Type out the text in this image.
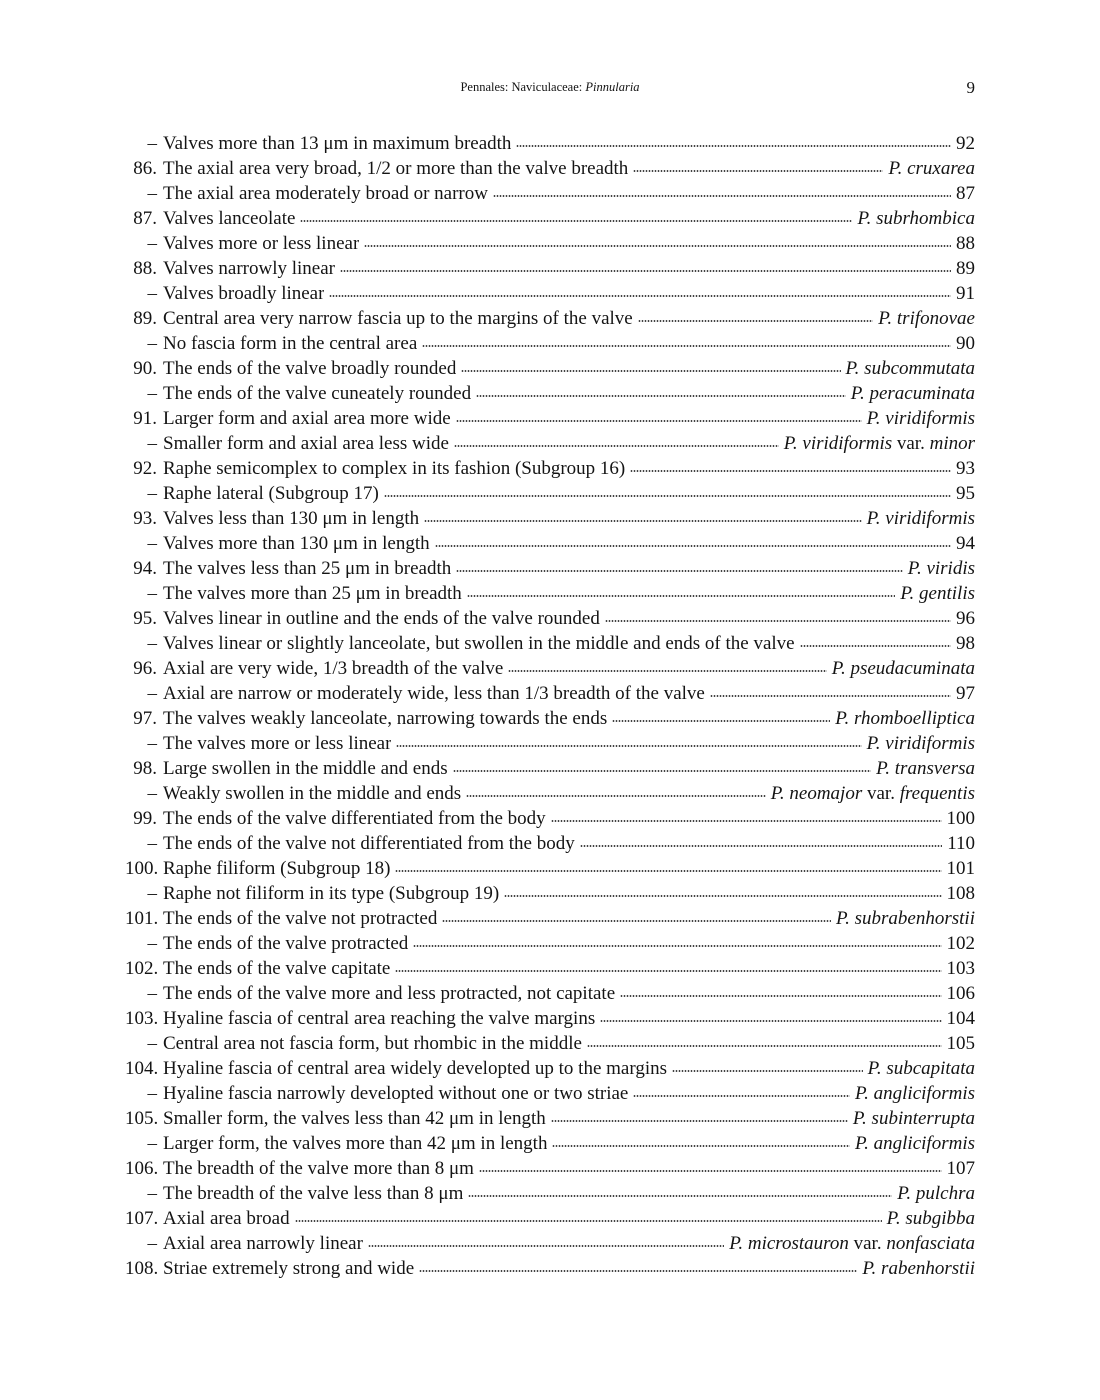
Pennales: Naviculaceae: Pinnularia	9
– Valves more than 13 μm in maximum breadth	92
86. The axial area very broad, 1/2 or more than the valve breadth	P. cruxarea
– The axial area moderately broad or narrow	87
87. Valves lanceolate	P. subrhombica
– Valves more or less linear	88
88. Valves narrowly linear	89
– Valves broadly linear	91
89. Central area very narrow fascia up to the margins of the valve	P. trifonovae
– No fascia form in the central area	90
90. The ends of the valve broadly rounded	P. subcommutata
– The ends of the valve cuneately rounded	P. peracuminata
91. Larger form and axial area more wide	P. viridiformis
– Smaller form and axial area less wide	P. viridiformis var. minor
92. Raphe semicomplex to complex in its fashion (Subgroup 16)	93
– Raphe lateral (Subgroup 17)	95
93. Valves less than 130 μm in length	P. viridiformis
– Valves more than 130 μm in length	94
94. The valves less than 25 μm in breadth	P. viridis
– The valves more than 25 μm in breadth	P. gentilis
95. Valves linear in outline and the ends of the valve rounded	96
– Valves linear or slightly lanceolate, but swollen in the middle and ends of the valve	98
96. Axial are very wide, 1/3 breadth of the valve	P. pseudacuminata
– Axial are narrow or moderately wide, less than 1/3 breadth of the valve	97
97. The valves weakly lanceolate, narrowing towards the ends	P. rhomboelliptica
– The valves more or less linear	P. viridiformis
98. Large swollen in the middle and ends	P. transversa
– Weakly swollen in the middle and ends	P. neomajor var. frequentis
99. The ends of the valve differentiated from the body	100
– The ends of the valve not differentiated from the body	110
100. Raphe filiform (Subgroup 18)	101
– Raphe not filiform in its type (Subgroup 19)	108
101. The ends of the valve not protracted	P. subrabenhorstii
– The ends of the valve protracted	102
102. The ends of the valve capitate	103
– The ends of the valve more and less protracted, not capitate	106
103. Hyaline fascia of central area reaching the valve margins	104
– Central area not fascia form, but rhombic in the middle	105
104. Hyaline fascia of central area widely developted up to the margins	P. subcapitata
– Hyaline fascia narrowly developted without one or two striae	P. angliciformis
105. Smaller form, the valves less than 42 μm in length	P. subinterrupta
– Larger form, the valves more than 42 μm in length	P. angliciformis
106. The breadth of the valve more than 8 μm	107
– The breadth of the valve less than 8 μm	P. pulchra
107. Axial area broad	P. subgibba
– Axial area narrowly linear	P. microstauron var. nonfasciata
108. Striae extremely strong and wide	P. rabenhorstii
